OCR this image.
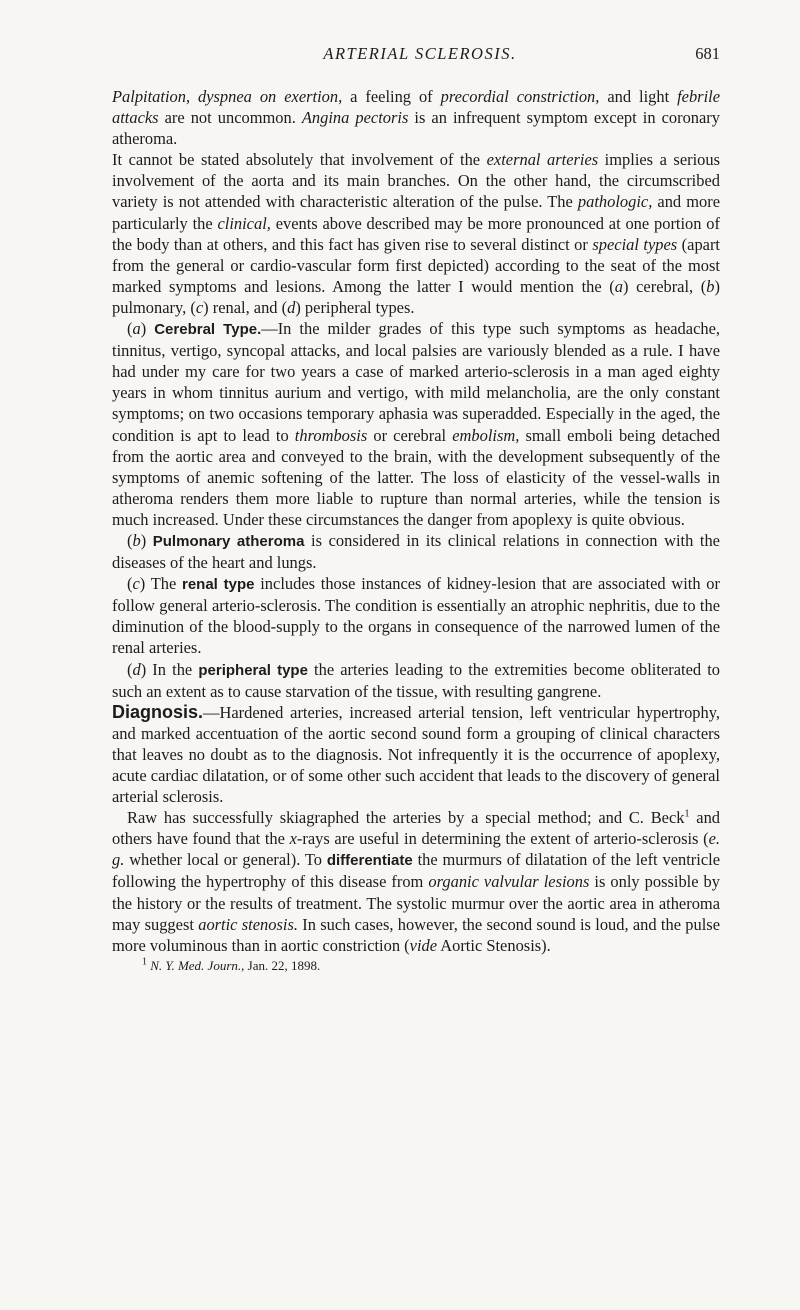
ARTERIAL SCLEROSIS.	681

Palpitation, dyspnea on exertion, a feeling of precordial constriction, and light febrile attacks are not uncommon. Angina pectoris is an infrequent symptom except in coronary atheroma.

It cannot be stated absolutely that involvement of the external arteries implies a serious involvement of the aorta and its main branches. On the other hand, the circumscribed variety is not attended with characteristic alteration of the pulse. The pathologic, and more particularly the clinical, events above described may be more pronounced at one portion of the body than at others, and this fact has given rise to several distinct or special types (apart from the general or cardio-vascular form first depicted) according to the seat of the most marked symptoms and lesions. Among the latter I would mention the (a) cerebral, (b) pulmonary, (c) renal, and (d) peripheral types.

(a) Cerebral Type.—In the milder grades of this type such symptoms as headache, tinnitus, vertigo, syncopal attacks, and local palsies are variously blended as a rule. I have had under my care for two years a case of marked arterio-sclerosis in a man aged eighty years in whom tinnitus aurium and vertigo, with mild melancholia, are the only constant symptoms; on two occasions temporary aphasia was superadded. Especially in the aged, the condition is apt to lead to thrombosis or cerebral embolism, small emboli being detached from the aortic area and conveyed to the brain, with the development subsequently of the symptoms of anemic softening of the latter. The loss of elasticity of the vessel-walls in atheroma renders them more liable to rupture than normal arteries, while the tension is much increased. Under these circumstances the danger from apoplexy is quite obvious.

(b) Pulmonary atheroma is considered in its clinical relations in connection with the diseases of the heart and lungs.

(c) The renal type includes those instances of kidney-lesion that are associated with or follow general arterio-sclerosis. The condition is essentially an atrophic nephritis, due to the diminution of the blood-supply to the organs in consequence of the narrowed lumen of the renal arteries.

(d) In the peripheral type the arteries leading to the extremities become obliterated to such an extent as to cause starvation of the tissue, with resulting gangrene.

Diagnosis.—Hardened arteries, increased arterial tension, left ventricular hypertrophy, and marked accentuation of the aortic second sound form a grouping of clinical characters that leaves no doubt as to the diagnosis. Not infrequently it is the occurrence of apoplexy, acute cardiac dilatation, or of some other such accident that leads to the discovery of general arterial sclerosis.

Raw has successfully skiagraphed the arteries by a special method; and C. Beck$^1$ and others have found that the x-rays are useful in determining the extent of arterio-sclerosis (e. g. whether local or general). To differentiate the murmurs of dilatation of the left ventricle following the hypertrophy of this disease from organic valvular lesions is only possible by the history or the results of treatment. The systolic murmur over the aortic area in atheroma may suggest aortic stenosis. In such cases, however, the second sound is loud, and the pulse more voluminous than in aortic constriction (vide Aortic Stenosis).

$^1$ N. Y. Med. Journ., Jan. 22, 1898.
